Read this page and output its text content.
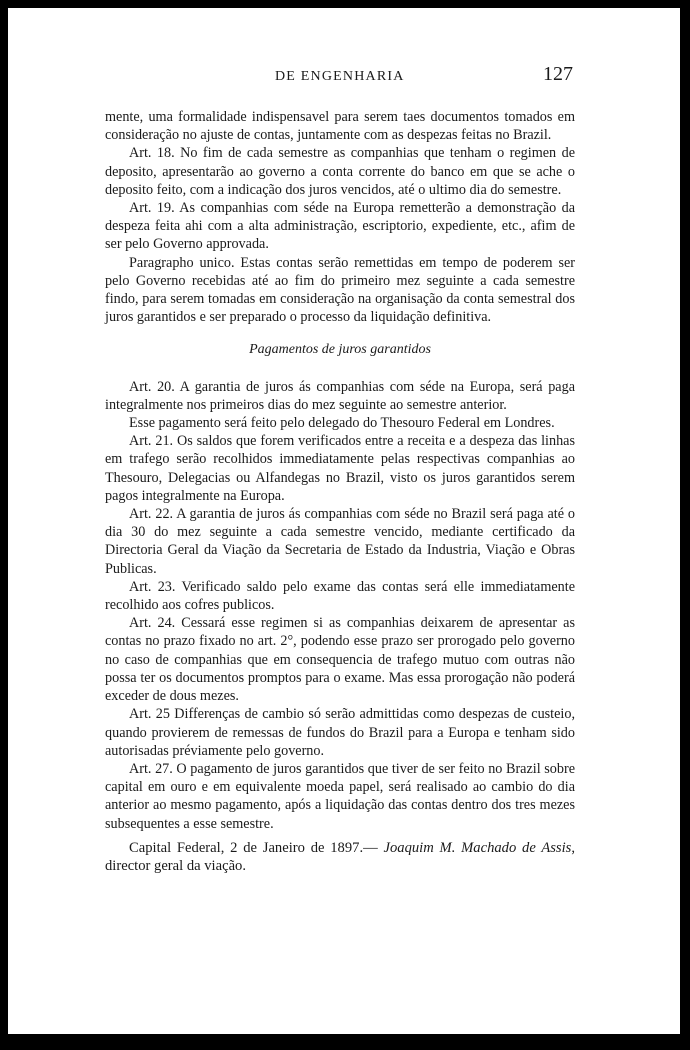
DE ENGENHARIA	127

mente, uma formalidade indispensavel para serem taes documentos tomados em consideração no ajuste de contas, juntamente com as despezas feitas no Brazil.

Art. 18. No fim de cada semestre as companhias que tenham o regimen de deposito, apresentarão ao governo a conta corrente do banco em que se ache o deposito feito, com a indicação dos juros vencidos, até o ultimo dia do semestre.

Art. 19. As companhias com séde na Europa remetterão a demonstração da despeza feita ahi com a alta administração, escriptorio, expediente, etc., afim de ser pelo Governo approvada.

Paragrapho unico. Estas contas serão remettidas em tempo de poderem ser pelo Governo recebidas até ao fim do primeiro mez seguinte a cada semestre findo, para serem tomadas em consideração na organisação da conta semestral dos juros garantidos e ser preparado o processo da liquidação definitiva.

Pagamentos de juros garantidos

Art. 20. A garantia de juros ás companhias com séde na Europa, será paga integralmente nos primeiros dias do mez seguinte ao semestre anterior.

Esse pagamento será feito pelo delegado do Thesouro Federal em Londres.

Art. 21. Os saldos que forem verificados entre a receita e a despeza das linhas em trafego serão recolhidos immediatamente pelas respectivas companhias ao Thesouro, Delegacias ou Alfandegas no Brazil, visto os juros garantidos serem pagos integralmente na Europa.

Art. 22. A garantia de juros ás companhias com séde no Brazil será paga até o dia 30 do mez seguinte a cada semestre vencido, mediante certificado da Directoria Geral da Viação da Secretaria de Estado da Industria, Viação e Obras Publicas.

Art. 23. Verificado saldo pelo exame das contas será elle immediatamente recolhido aos cofres publicos.

Art. 24. Cessará esse regimen si as companhias deixarem de apresentar as contas no prazo fixado no art. 2°, podendo esse prazo ser prorogado pelo governo no caso de companhias que em consequencia de trafego mutuo com outras não possa ter os documentos promptos para o exame. Mas essa prorogação não poderá exceder de dous mezes.

Art. 25 Differenças de cambio só serão admittidas como despezas de custeio, quando provierem de remessas de fundos do Brazil para a Europa e tenham sido autorisadas préviamente pelo governo.

Art. 27. O pagamento de juros garantidos que tiver de ser feito no Brazil sobre capital em ouro e em equivalente moeda papel, será realisado ao cambio do dia anterior ao mesmo pagamento, após a liquidação das contas dentro dos tres mezes subsequentes a esse semestre.

Capital Federal, 2 de Janeiro de 1897.— Joaquim M. Machado de Assis, director geral da viação.
